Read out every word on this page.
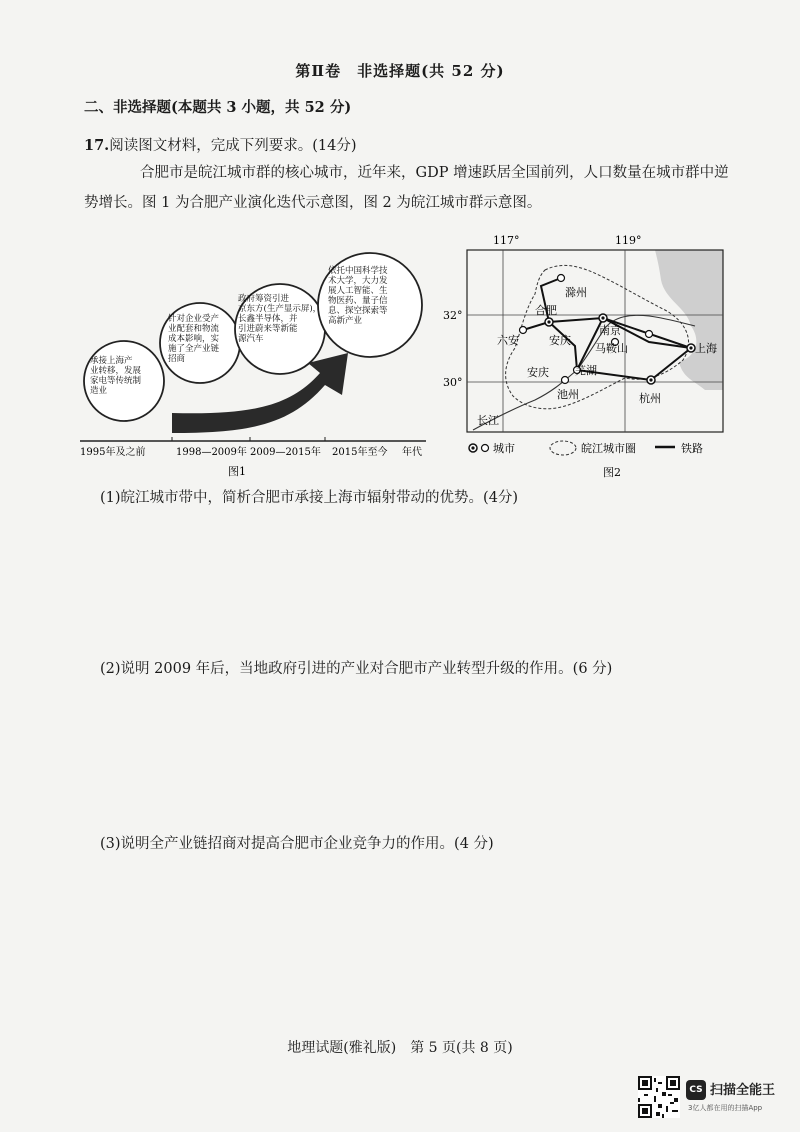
第Ⅱ卷　非选择题(共 52 分)
二、非选择题(本题共 3 小题，共 52 分)
17.阅读图文材料，完成下列要求。(14分)
合肥市是皖江城市群的核心城市，近年来，GDP 增速跃居全国前列，人口数量在城市群中逆势增长。图 1 为合肥产业演化迭代示意图，图 2 为皖江城市群示意图。
承接上海产
业转移，发展
家电等传统制
造业
针对企业受产
业配套和物流
成本影响，实
施了全产业链
招商
政府筹资引进
京东方(生产显示屏)，
长鑫半导体，并
引进蔚来等新能
源汽车
依托中国科学技
术大学，大力发
展人工智能、生
物医药、量子信
息、探空探索等
高新产业
1995年及之前	1998—2009年 2009—2015年 2015年至今 年代
图1
117°	119°
32°
30°
滁州
合肥
六安	安庆
南京
马鞍山
芜湖
上海
安庆
池州	杭州
长江
城市	皖江城市圈	铁路
图2
(1)皖江城市带中，简析合肥市承接上海市辐射带动的优势。(4分)
(2)说明 2009 年后，当地政府引进的产业对合肥市产业转型升级的作用。(6 分)
(3)说明全产业链招商对提高合肥市企业竞争力的作用。(4 分)
地理试题(雅礼版)　第 5 页(共 8 页)
CS 扫描全能王
3亿人都在用的扫描App
